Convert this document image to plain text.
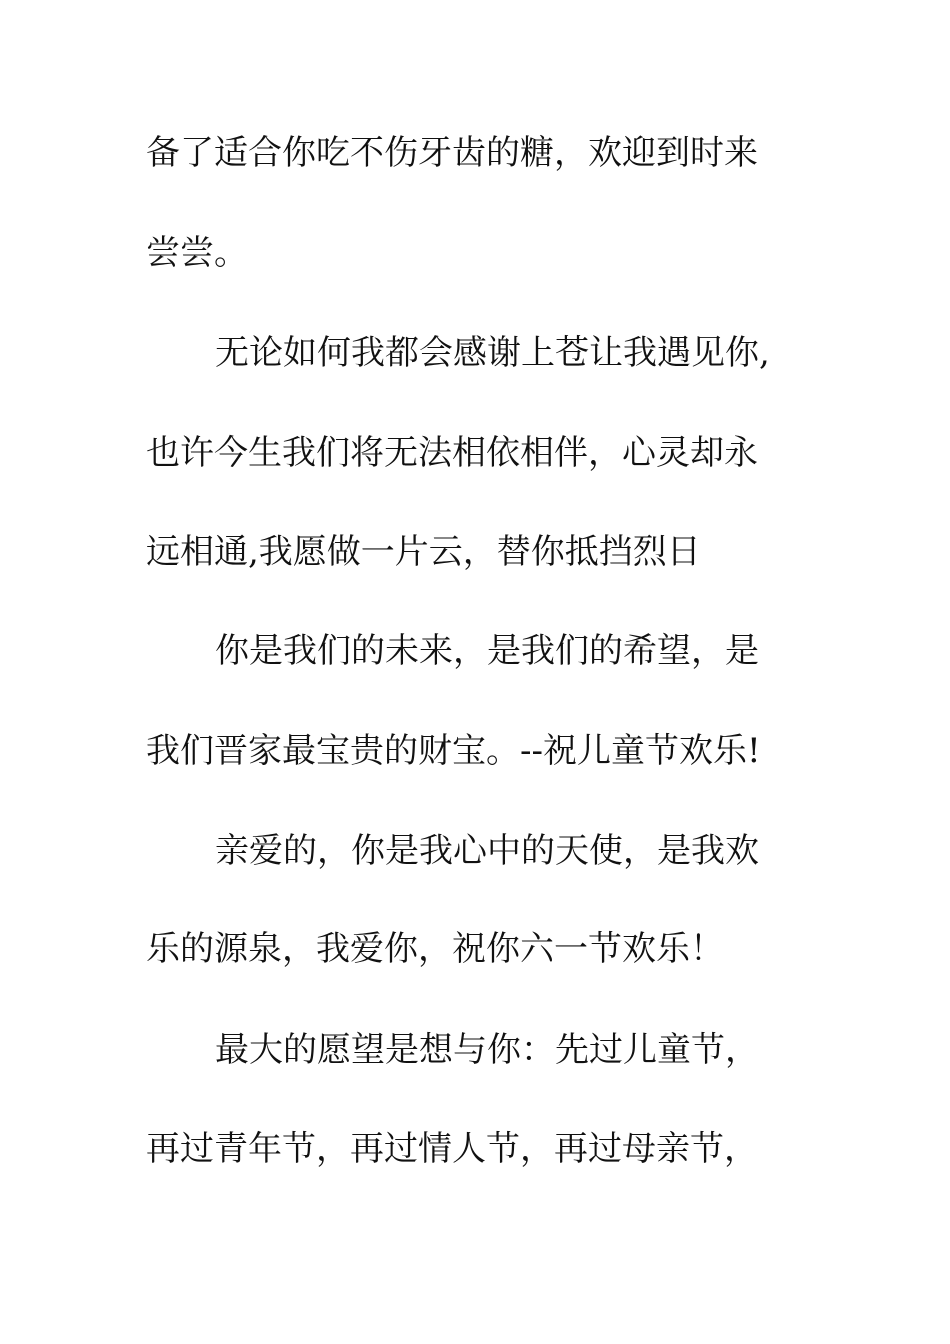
备了适合你吃不伤牙齿的糖，欢迎到时来
尝尝。
无论如何我都会感谢上苍让我遇见你,
也许今生我们将无法相依相伴，心灵却永
远相通,我愿做一片云，替你抵挡烈日
你是我们的未来，是我们的希望，是
我们晋家最宝贵的财宝。--祝儿童节欢乐!
亲爱的，你是我心中的天使，是我欢
乐的源泉，我爱你，祝你六一节欢乐！
最大的愿望是想与你：先过儿童节，
再过青年节，再过情人节，再过母亲节，
